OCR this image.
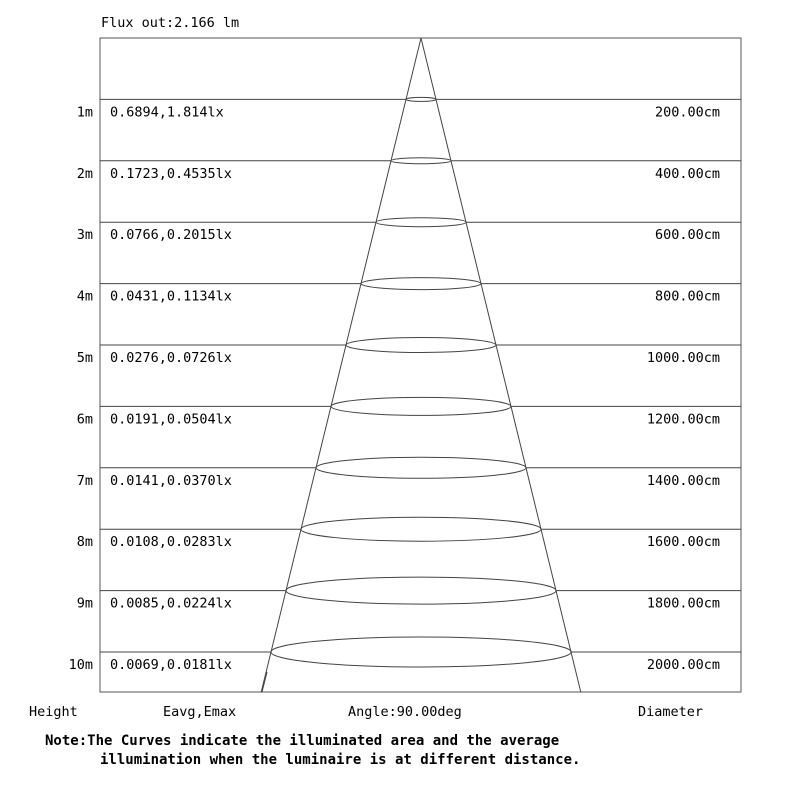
Flux out:2.166 lm
1m 0.6894,1.814lx	200.00cm
2m 0.1723,0.4535lx	400.00cm
3m 0.0766,0.2015lx	600.00cm
4m 0.0431,0.1134lx	800.00cm
5m 0.0276,0.0726lx	1000.00cm
6m 0.0191,0.0504lx	1200.00cm
7m 0.0141,0.0370lx	1400.00cm
8m 0.0108,0.0283lx	1600.00cm
9m 0.0085,0.0224lx	1800.00cm
10m 0.0069,0.0181lx	2000.00cm
Height	Eavg,Emax	Angle:90.00deg	Diameter
Note:The Curves indicate the illuminated area and the average
illumination when the luminaire is at different distance.
